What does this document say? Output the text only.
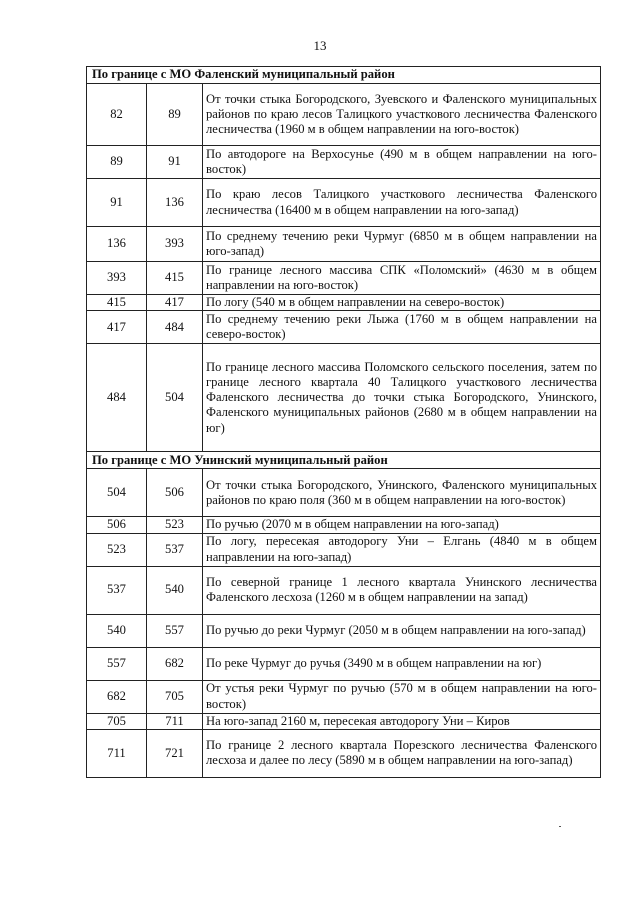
13
По границе с МО Фаленский муниципальный район		
82	89	От точки стыка Богородского, Зуевского и Фаленского муниципальных районов по краю лесов Талицкого участкового лесничества Фаленского лесничества (1960 м в общем направлении на юго-восток)
89	91	По автодороге на Верхосунье (490 м в общем направлении на юго-восток)
91	136	По краю лесов Талицкого участкового лесничества Фаленского лесничества (16400 м в общем направлении на юго-запад)
136	393	По среднему течению реки Чурмуг (6850 м в общем направлении на юго-запад)
393	415	По границе лесного массива СПК «Поломский» (4630 м в общем направлении на юго-восток)
415	417	По логу (540 м в общем направлении на северо-восток)
417	484	По среднему течению реки Лыжа (1760 м в общем направлении на северо-восток)
484	504	По границе лесного массива Поломского сельского поселения, затем по границе лесного квартала 40 Талицкого участкового лесничества Фаленского лесничества до точки стыка Богородского, Унинского, Фаленского муниципальных районов (2680 м в общем направлении на юг)
По границе с МО Унинский муниципальный район		
504	506	От точки стыка Богородского, Унинского, Фаленского муниципальных районов по краю поля (360 м в общем направлении на юго-восток)
506	523	По ручью (2070 м в общем направлении на юго-запад)
523	537	По логу, пересекая автодорогу Уни – Елгань (4840 м в общем направлении на юго-запад)
537	540	По северной границе 1 лесного квартала Унинского лесничества Фаленского лесхоза (1260 м в общем направлении на запад)
540	557	По ручью до реки Чурмуг (2050 м в общем направлении на юго-запад)
557	682	По реке Чурмуг до ручья (3490 м в общем направлении на юг)
682	705	От устья реки Чурмуг по ручью (570 м в общем направлении на юго-восток)
705	711	На юго-запад 2160 м, пересекая автодорогу Уни – Киров
711	721	По границе 2 лесного квартала Порезского лесничества Фаленского лесхоза и далее по лесу (5890 м в общем направлении на юго-запад)
